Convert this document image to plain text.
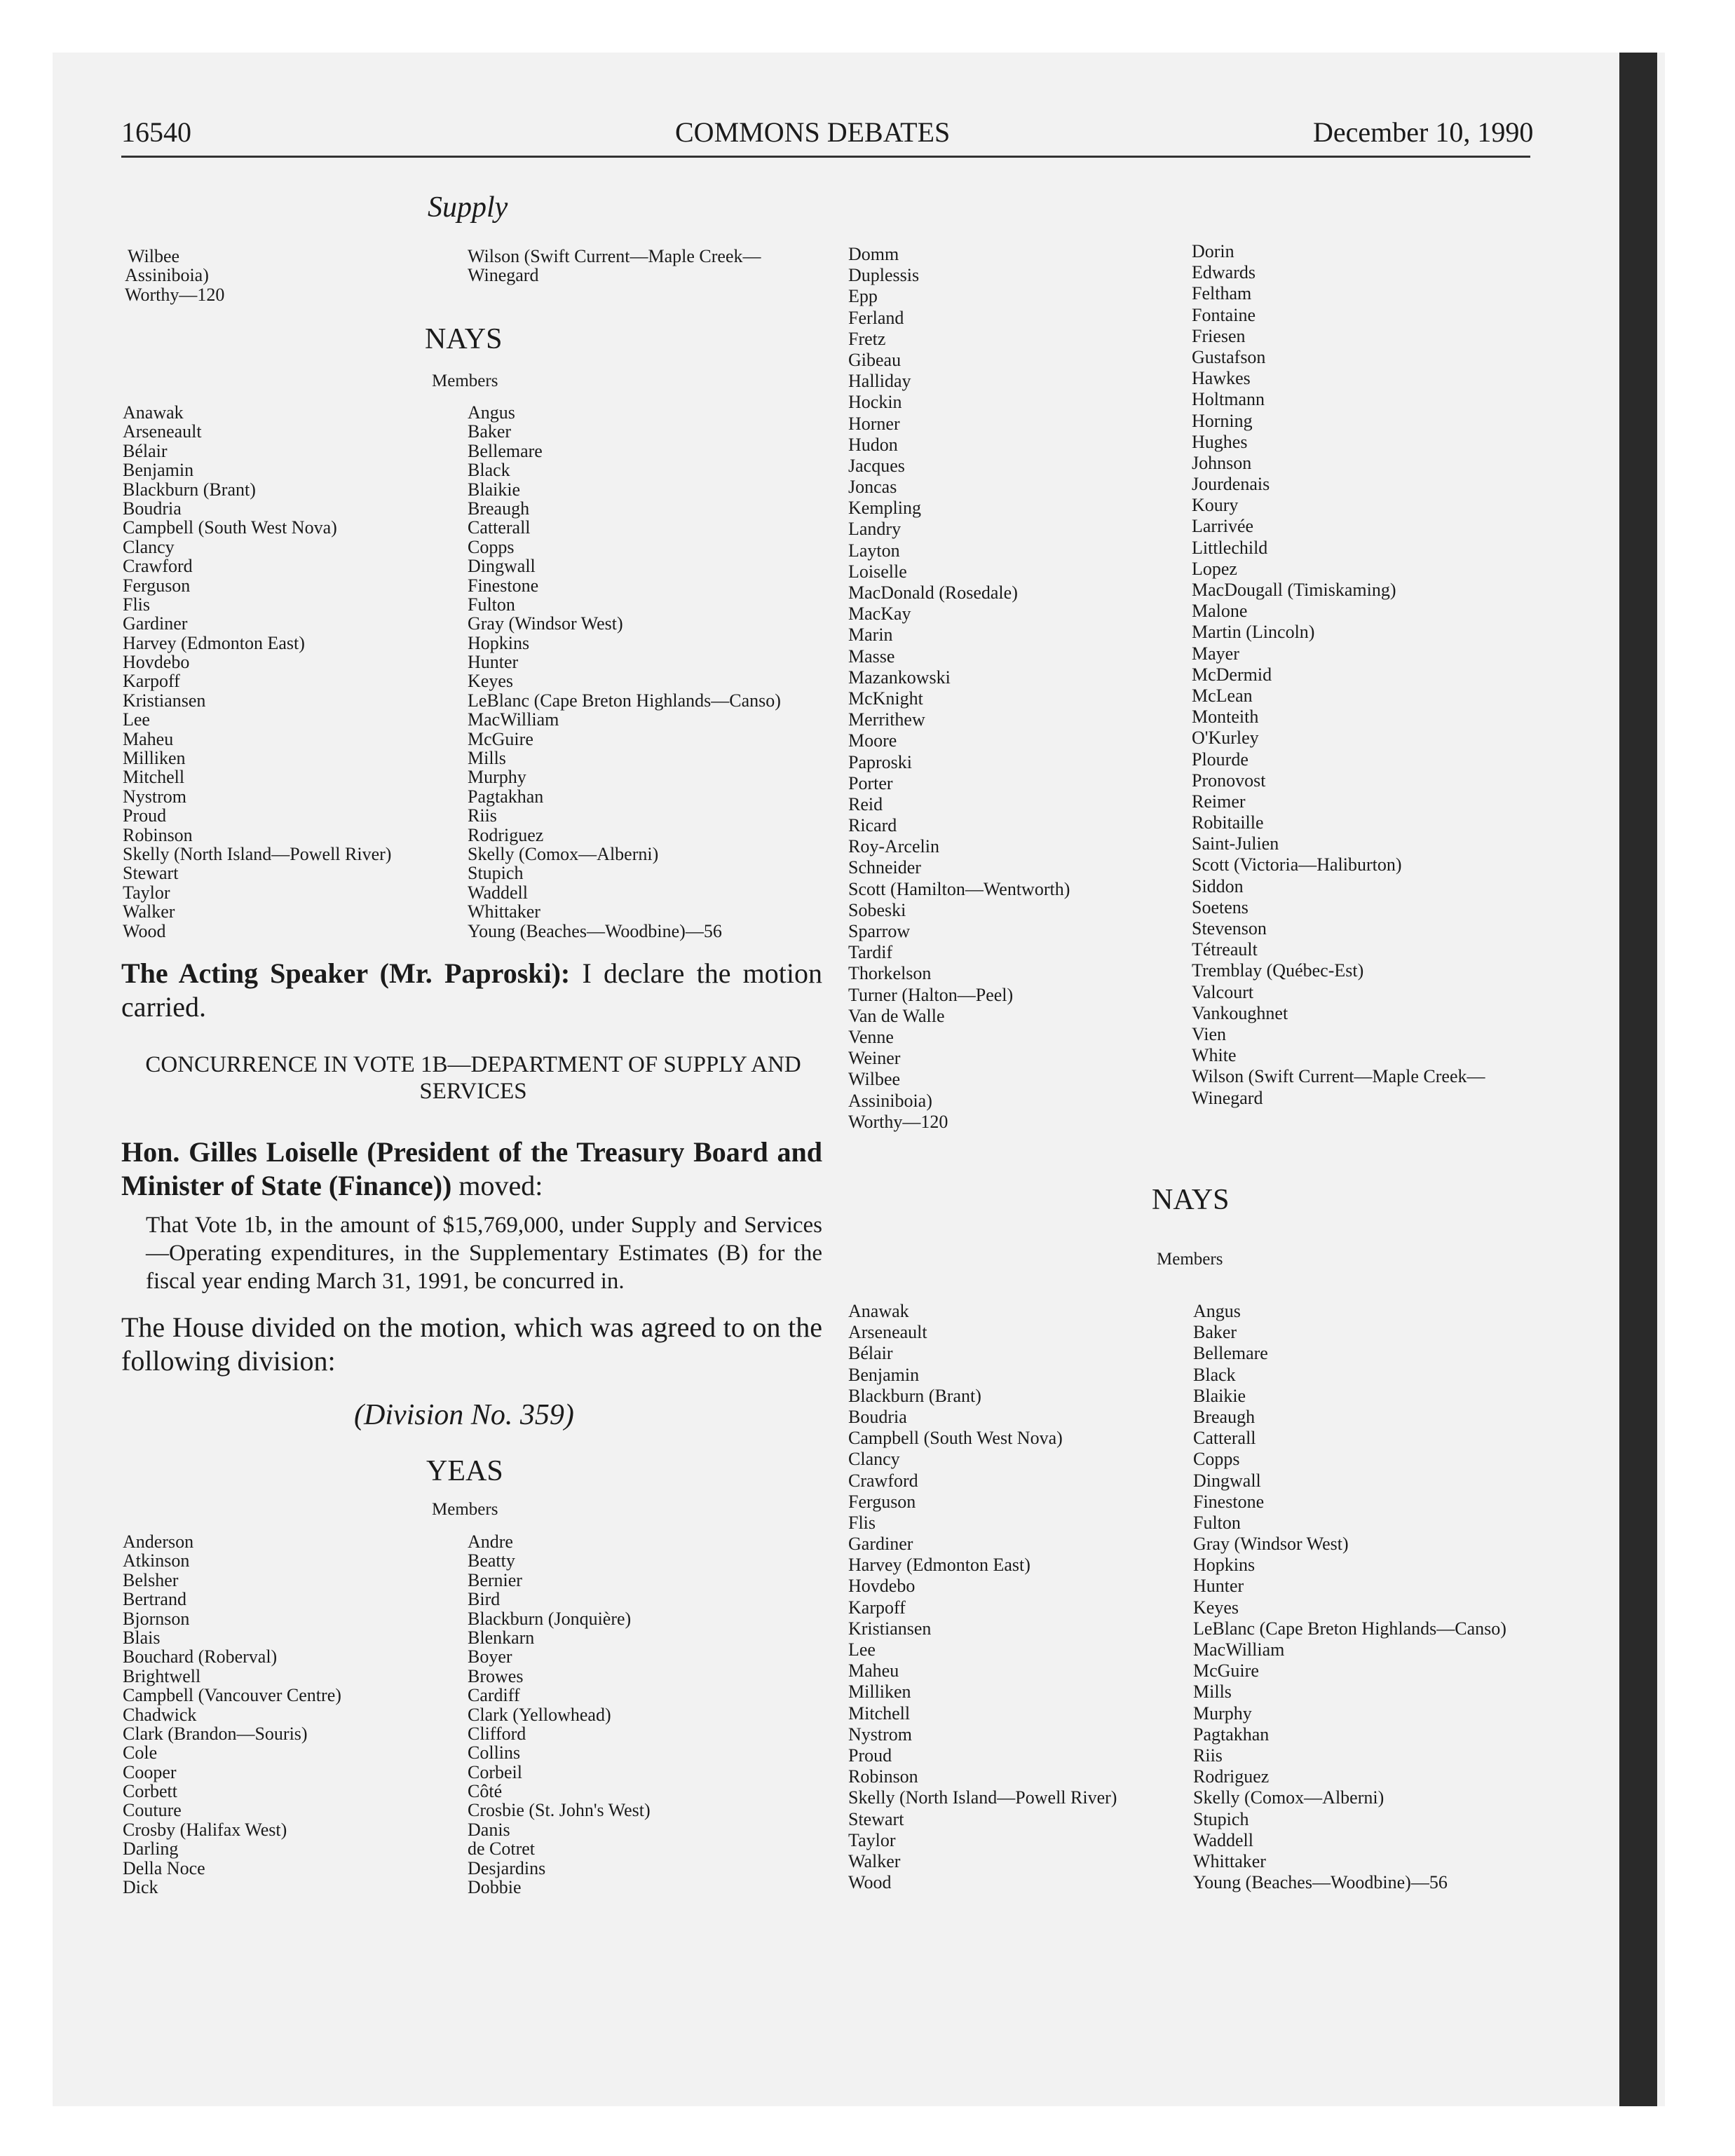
16540	COMMONS DEBATES	December 10, 1990
Supply
Wilbee
Assiniboia)
Worthy—120
Wilson (Swift Current—Maple Creek—
Winegard
NAYS
Members
Anawak
Arseneault
Bélair
Benjamin
Blackburn (Brant)
Boudria
Campbell (South West Nova)
Clancy
Crawford
Ferguson
Flis
Gardiner
Harvey (Edmonton East)
Hovdebo
Karpoff
Kristiansen
Lee
Maheu
Milliken
Mitchell
Nystrom
Proud
Robinson
Skelly (North Island—Powell River)
Stewart
Taylor
Walker
Wood
Angus
Baker
Bellemare
Black
Blaikie
Breaugh
Catterall
Copps
Dingwall
Finestone
Fulton
Gray (Windsor West)
Hopkins
Hunter
Keyes
LeBlanc (Cape Breton Highlands—Canso)
MacWilliam
McGuire
Mills
Murphy
Pagtakhan
Riis
Rodriguez
Skelly (Comox—Alberni)
Stupich
Waddell
Whittaker
Young (Beaches—Woodbine)—56
The Acting Speaker (Mr. Paproski): I declare the motion carried.
CONCURRENCE IN VOTE 1B—DEPARTMENT OF SUPPLY AND SERVICES
Hon. Gilles Loiselle (President of the Treasury Board and Minister of State (Finance)) moved:
That Vote 1b, in the amount of $15,769,000, under Supply and Services—Operating expenditures, in the Supplementary Estimates (B) for the fiscal year ending March 31, 1991, be concurred in.
The House divided on the motion, which was agreed to on the following division:
(Division No. 359)
YEAS
Members
Anderson
Atkinson
Belsher
Bertrand
Bjornson
Blais
Bouchard (Roberval)
Brightwell
Campbell (Vancouver Centre)
Chadwick
Clark (Brandon—Souris)
Cole
Cooper
Corbett
Couture
Crosby (Halifax West)
Darling
Della Noce
Dick
Andre
Beatty
Bernier
Bird
Blackburn (Jonquière)
Blenkarn
Boyer
Browes
Cardiff
Clark (Yellowhead)
Clifford
Collins
Corbeil
Côté
Crosbie (St. John's West)
Danis
de Cotret
Desjardins
Dobbie
Domm
Duplessis
Epp
Ferland
Fretz
Gibeau
Halliday
Hockin
Horner
Hudon
Jacques
Joncas
Kempling
Landry
Layton
Loiselle
MacDonald (Rosedale)
MacKay
Marin
Masse
Mazankowski
McKnight
Merrithew
Moore
Paproski
Porter
Reid
Ricard
Roy-Arcelin
Schneider
Scott (Hamilton—Wentworth)
Sobeski
Sparrow
Tardif
Thorkelson
Turner (Halton—Peel)
Van de Walle
Venne
Weiner
Wilbee
Assiniboia)
Worthy—120
Dorin
Edwards
Feltham
Fontaine
Friesen
Gustafson
Hawkes
Holtmann
Horning
Hughes
Johnson
Jourdenais
Koury
Larrivée
Littlechild
Lopez
MacDougall (Timiskaming)
Malone
Martin (Lincoln)
Mayer
McDermid
McLean
Monteith
O'Kurley
Plourde
Pronovost
Reimer
Robitaille
Saint-Julien
Scott (Victoria—Haliburton)
Siddon
Soetens
Stevenson
Tétreault
Tremblay (Québec-Est)
Valcourt
Vankoughnet
Vien
White
Wilson (Swift Current—Maple Creek—
Winegard
NAYS
Members
Anawak
Arseneault
Bélair
Benjamin
Blackburn (Brant)
Boudria
Campbell (South West Nova)
Clancy
Crawford
Ferguson
Flis
Gardiner
Harvey (Edmonton East)
Hovdebo
Karpoff
Kristiansen
Lee
Maheu
Milliken
Mitchell
Nystrom
Proud
Robinson
Skelly (North Island—Powell River)
Stewart
Taylor
Walker
Wood
Angus
Baker
Bellemare
Black
Blaikie
Breaugh
Catterall
Copps
Dingwall
Finestone
Fulton
Gray (Windsor West)
Hopkins
Hunter
Keyes
LeBlanc (Cape Breton Highlands—Canso)
MacWilliam
McGuire
Mills
Murphy
Pagtakhan
Riis
Rodriguez
Skelly (Comox—Alberni)
Stupich
Waddell
Whittaker
Young (Beaches—Woodbine)—56
